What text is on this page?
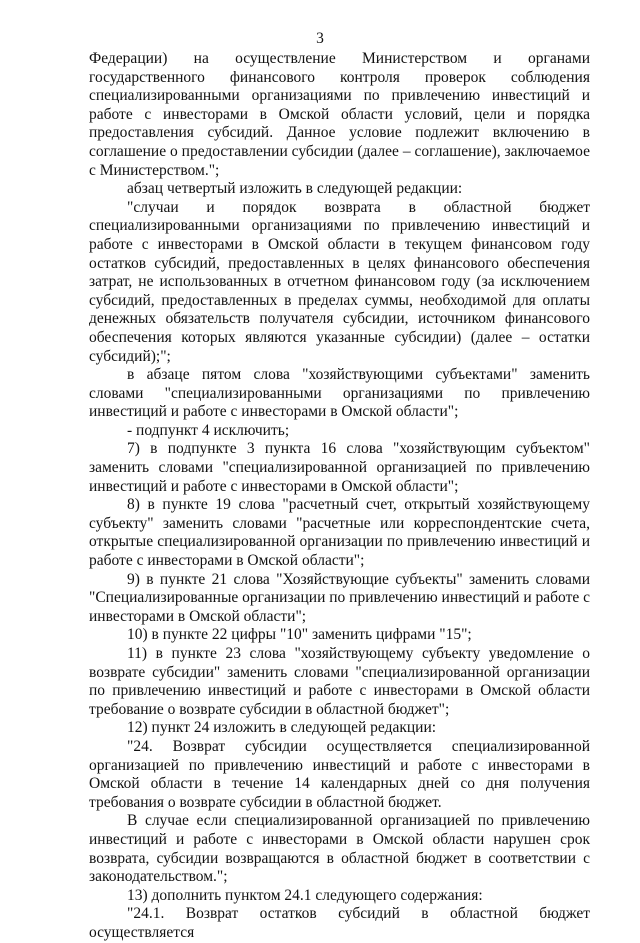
3

Федерации) на осуществление Министерством и органами государственного финансового контроля проверок соблюдения специализированными организациями по привлечению инвестиций и работе с инвесторами в Омской области условий, цели и порядка предоставления субсидий. Данное условие подлежит включению в соглашение о предоставлении субсидии (далее – соглашение), заключаемое с Министерством.";

абзац четвертый изложить в следующей редакции:

"случаи и порядок возврата в областной бюджет специализированными организациями по привлечению инвестиций и работе с инвесторами в Омской области в текущем финансовом году остатков субсидий, предоставленных в целях финансового обеспечения затрат, не использованных в отчетном финансовом году (за исключением субсидий, предоставленных в пределах суммы, необходимой для оплаты денежных обязательств получателя субсидии, источником финансового обеспечения которых являются указанные субсидии) (далее – остатки субсидий);";

в абзаце пятом слова "хозяйствующими субъектами" заменить словами "специализированными организациями по привлечению инвестиций и работе с инвесторами в Омской области";

- подпункт 4 исключить;

7) в подпункте 3 пункта 16 слова "хозяйствующим субъектом" заменить словами "специализированной организацией по привлечению инвестиций и работе с инвесторами в Омской области";

8) в пункте 19 слова "расчетный счет, открытый хозяйствующему субъекту" заменить словами "расчетные или корреспондентские счета, открытые специализированной организации по привлечению инвестиций и работе с инвесторами в Омской области";

9) в пункте 21 слова "Хозяйствующие субъекты" заменить словами "Специализированные организации по привлечению инвестиций и работе с инвесторами в Омской области";

10) в пункте 22 цифры "10" заменить цифрами "15";

11) в пункте 23 слова "хозяйствующему субъекту уведомление о возврате субсидии" заменить словами "специализированной организации по привлечению инвестиций и работе с инвесторами в Омской области требование о возврате субсидии в областной бюджет";

12) пункт 24 изложить в следующей редакции:

"24. Возврат субсидии осуществляется специализированной организацией по привлечению инвестиций и работе с инвесторами в Омской области в течение 14 календарных дней со дня получения требования о возврате субсидии в областной бюджет.

В случае если специализированной организацией по привлечению инвестиций и работе с инвесторами в Омской области нарушен срок возврата, субсидии возвращаются в областной бюджет в соответствии с законодательством.";

13) дополнить пунктом 24.1 следующего содержания:

"24.1. Возврат остатков субсидий в областной бюджет осуществляется
